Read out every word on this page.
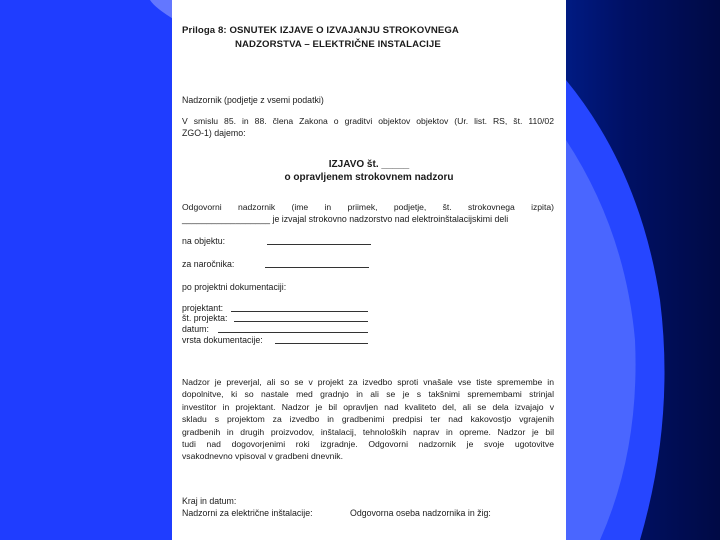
Priloga 8: OSNUTEK IZJAVE O IZVAJANJU STROKOVNEGA
NADZORSTVA – ELEKTRIČNE INSTALACIJE
Nadzornik (podjetje z vsemi podatki)
V smislu 85. in 88. člena Zakona o graditvi objektov objektov (Ur. list. RS, št. 110/02
ZGO-1) dajemo:
IZJAVO št. _____
o opravljenem strokovnem nadzoru
Odgovorni nadzornik (ime in priimek, podjetje, št. strokovnega izpita)
__________________ je izvajal strokovno nadzorstvo nad elektroinštalacijskimi deli
na objektu:
za naročnika:
po projektni dokumentaciji:
projektant:
št. projekta:
datum:
vrsta dokumentacije:
Nadzor je preverjal, ali so se v projekt za izvedbo sproti vnašale vse tiste spremembe in
dopolnitve, ki so nastale med gradnjo in ali se je s takšnimi spremembami strinjal
investitor in projektant. Nadzor je bil opravljen nad kvaliteto del, ali se dela izvajajo v
skladu s projektom za izvedbo in gradbenimi predpisi ter nad kakovostjo vgrajenih
gradbenih in drugih proizvodov, inštalacij, tehnoloških naprav in opreme. Nadzor je bil
tudi nad dogovorjenimi roki izgradnje. Odgovorni nadzornik je svoje ugotovitve
vsakodnevno vpisoval v gradbeni dnevnik.
Kraj in datum:
Nadzorni za električne inštalacije:	Odgovorna oseba nadzornika in žig:
